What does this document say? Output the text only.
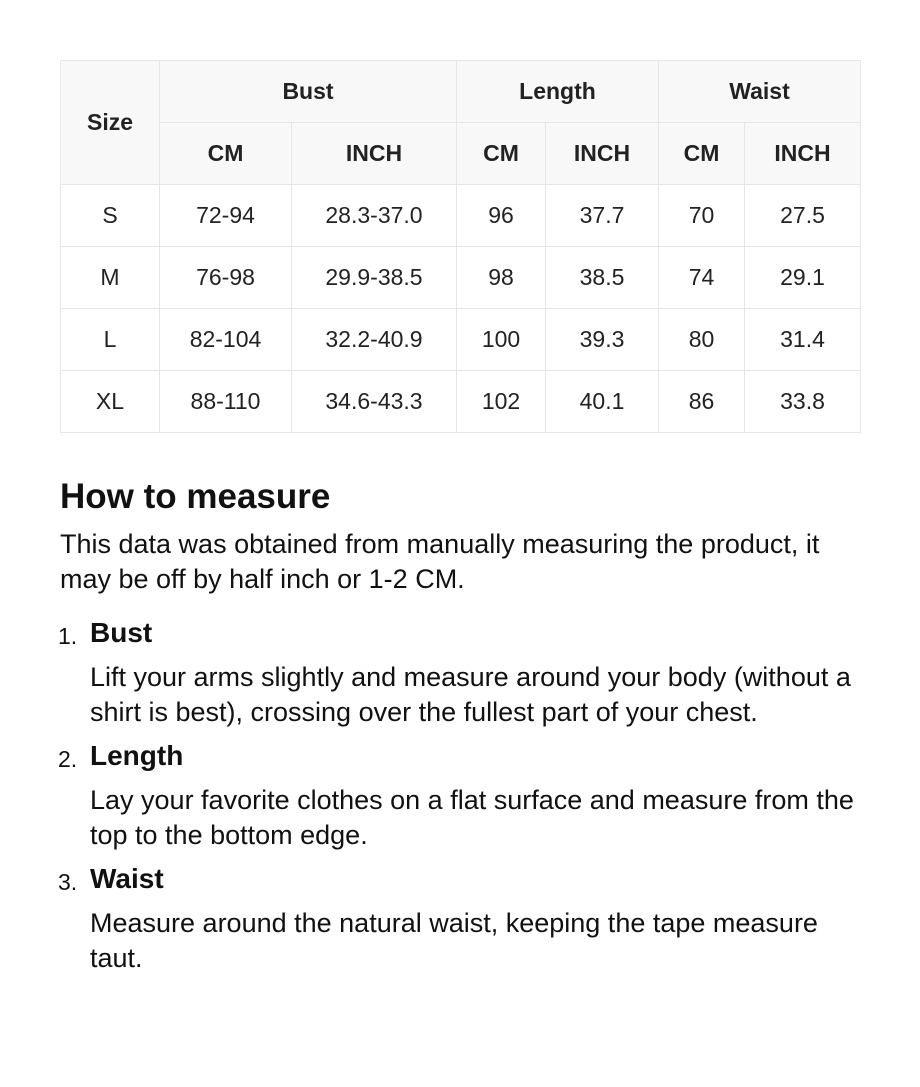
Size	Bust		Length		Waist	
	CM	INCH	CM	INCH	CM	INCH
S	72-94	28.3-37.0	96	37.7	70	27.5
M	76-98	29.9-38.5	98	38.5	74	29.1
L	82-104	32.2-40.9	100	39.3	80	31.4
XL	88-110	34.6-43.3	102	40.1	86	33.8
How to measure

This data was obtained from manually measuring the product, it may be off by half inch or 1-2 CM.

1. Bust
Lift your arms slightly and measure around your body (without a shirt is best), crossing over the fullest part of your chest.
2. Length
Lay your favorite clothes on a flat surface and measure from the top to the bottom edge.
3. Waist
Measure around the natural waist, keeping the tape measure taut.
